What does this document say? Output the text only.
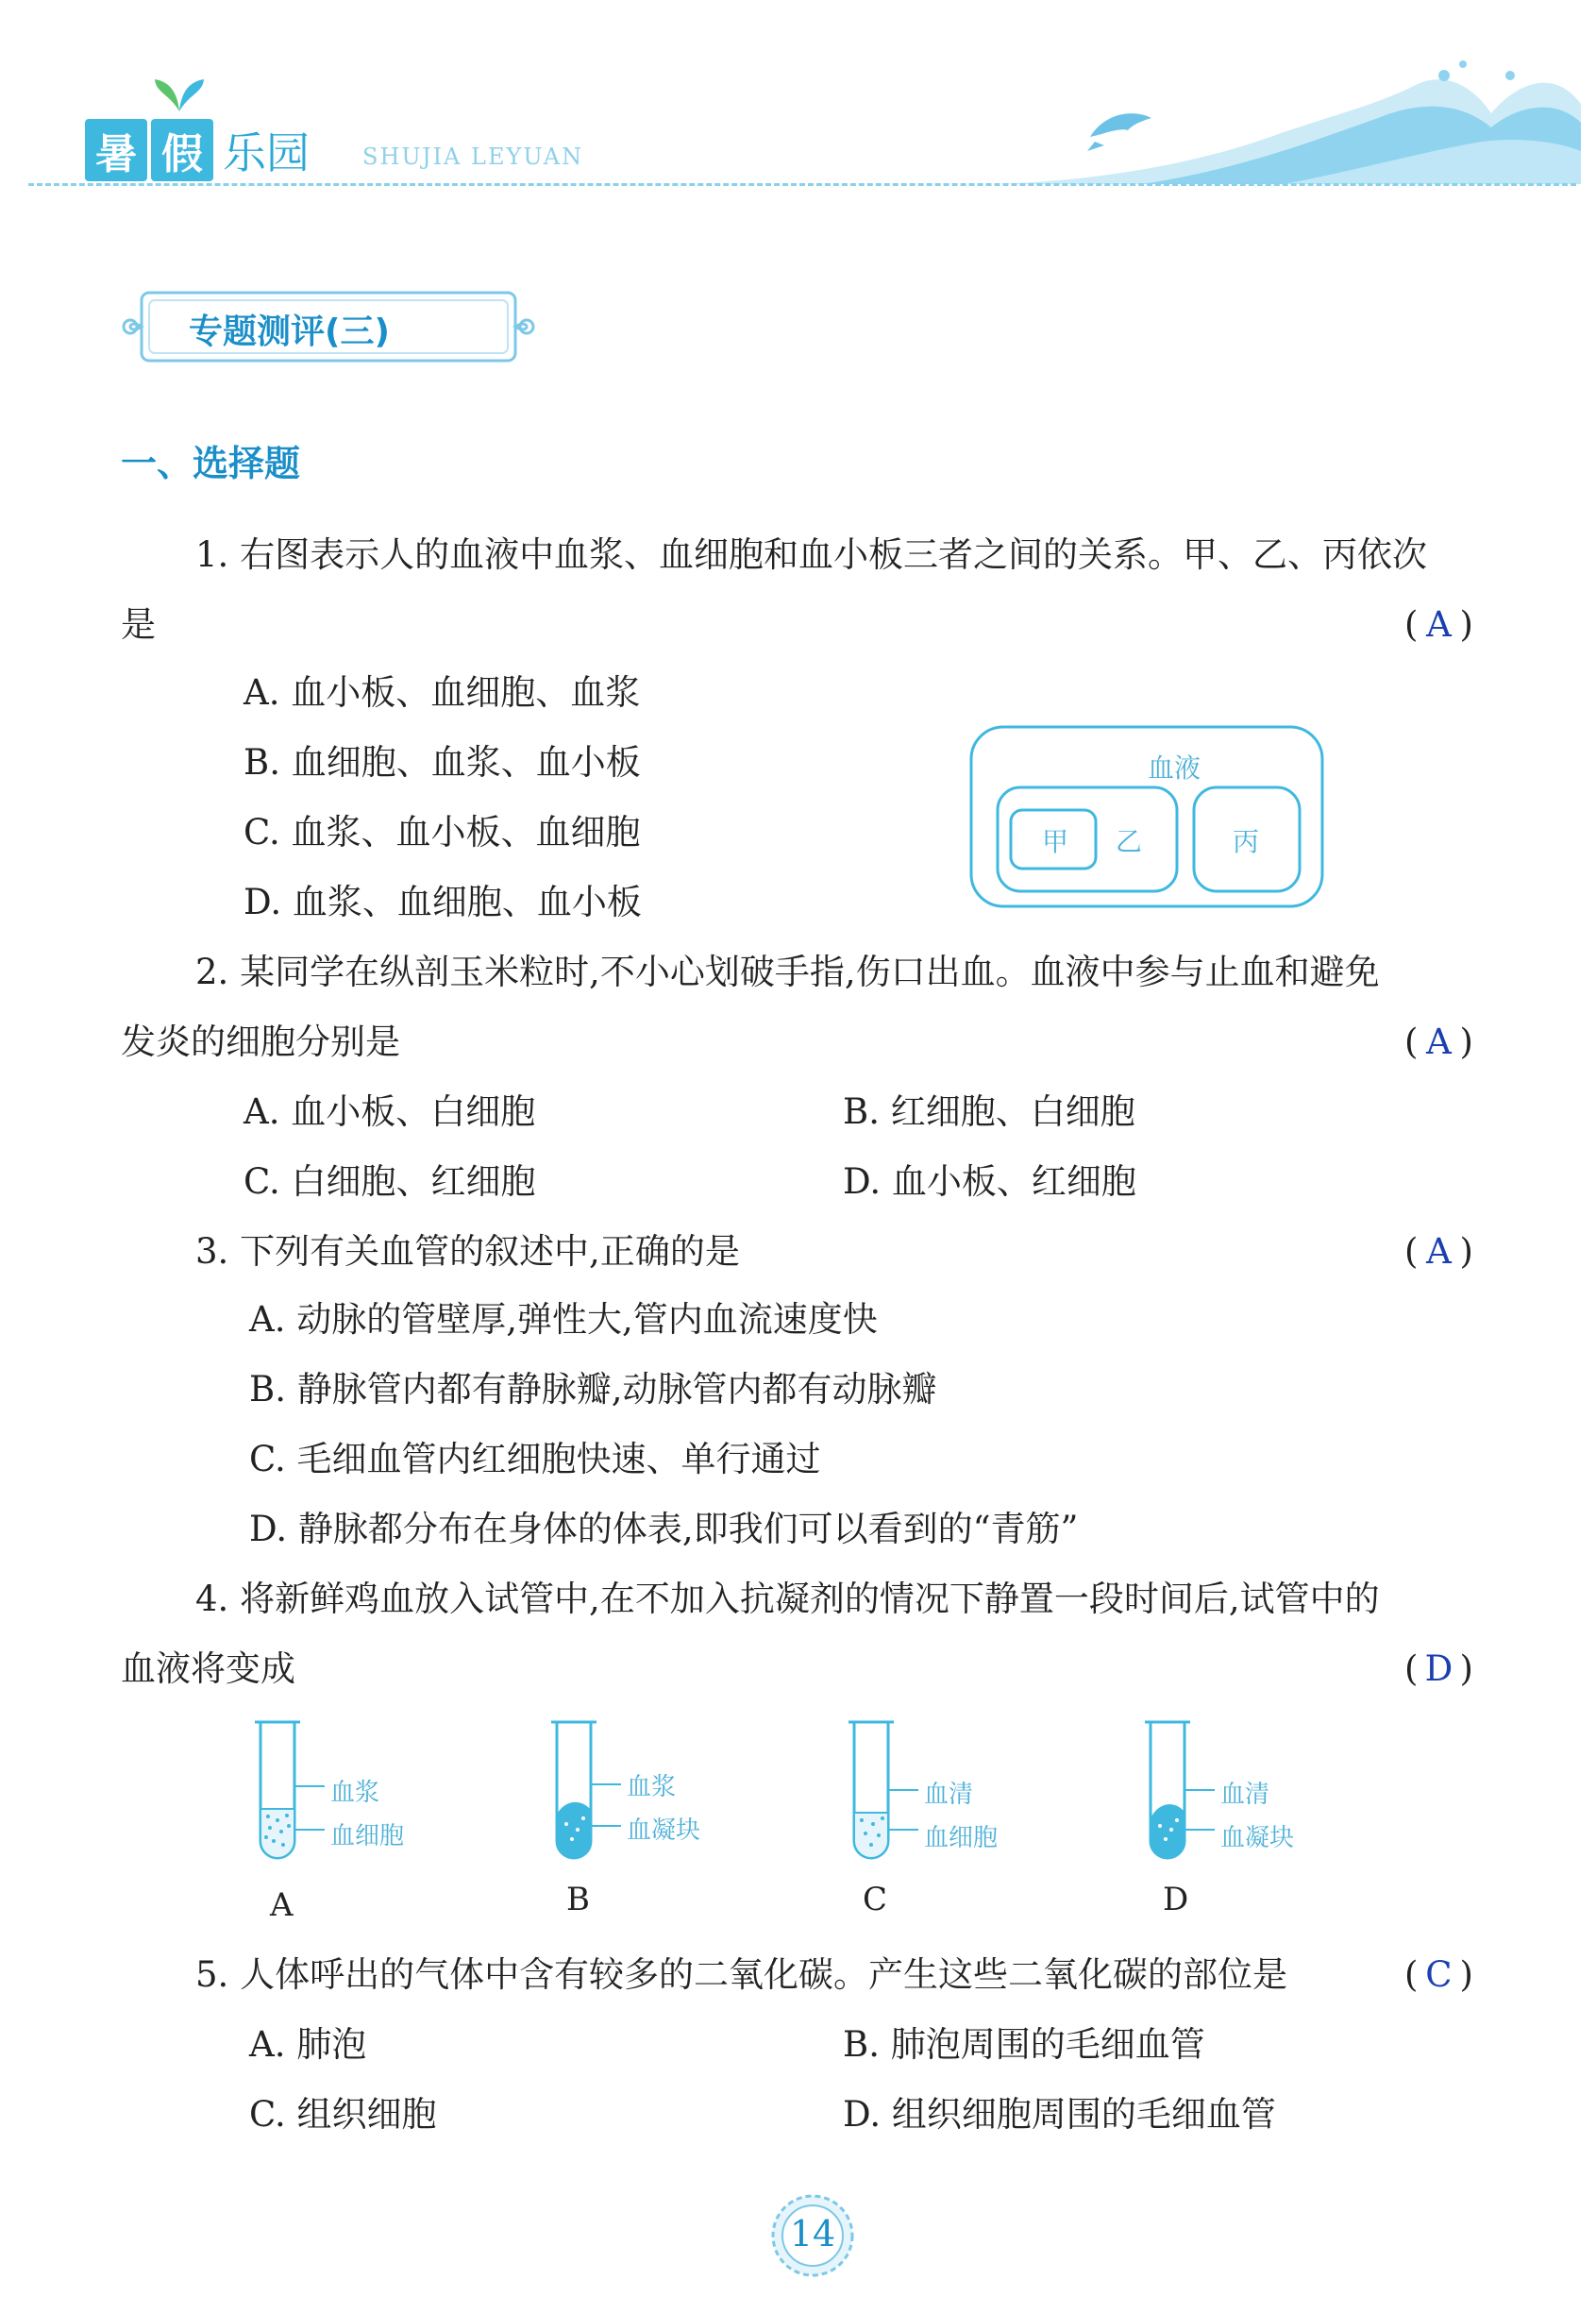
暑 假 乐园 SHUJIA LEYUAN
专题测评(三)
一、选择题
1. 右图表示人的血液中血浆、血细胞和血小板三者之间的关系。甲、乙、丙依次
是	( A )
A. 血小板、血细胞、血浆
B. 血细胞、血浆、血小板
C. 血浆、血小板、血细胞
D. 血浆、血细胞、血小板
血液
甲 乙	丙
2. 某同学在纵剖玉米粒时,不小心划破手指,伤口出血。血液中参与止血和避免
发炎的细胞分别是	( A )
A. 血小板、白细胞	B. 红细胞、白细胞
C. 白细胞、红细胞	D. 血小板、红细胞
3. 下列有关血管的叙述中,正确的是	( A )
A. 动脉的管壁厚,弹性大,管内血流速度快
B. 静脉管内都有静脉瓣,动脉管内都有动脉瓣
C. 毛细血管内红细胞快速、单行通过
D. 静脉都分布在身体的体表,即我们可以看到的“青筋”
4. 将新鲜鸡血放入试管中,在不加入抗凝剂的情况下静置一段时间后,试管中的
血液将变成	( D )
血浆
血细胞
A
血浆
血凝块
B
血清
血细胞
C
血清
血凝块
D
5. 人体呼出的气体中含有较多的二氧化碳。产生这些二氧化碳的部位是	( C )
A. 肺泡	B. 肺泡周围的毛细血管
C. 组织细胞	D. 组织细胞周围的毛细血管
14
